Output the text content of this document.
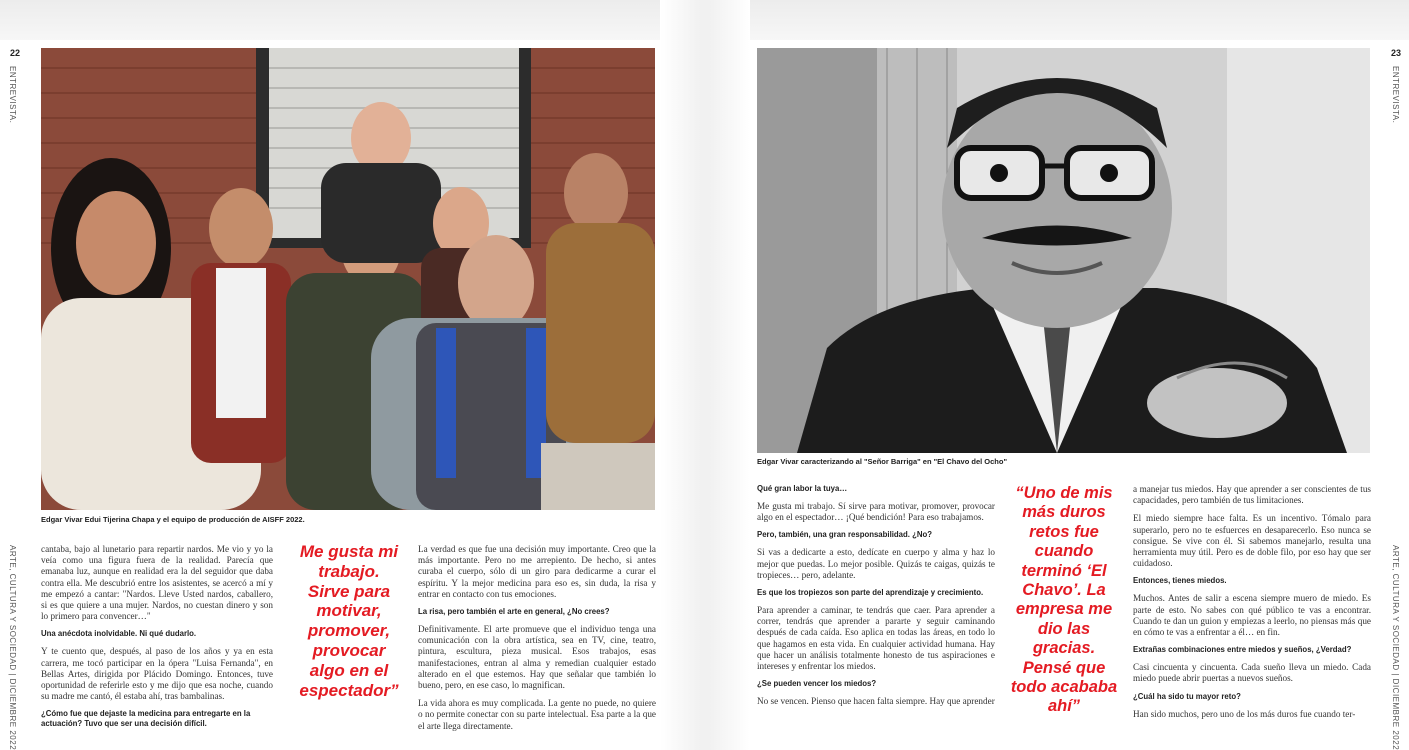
22
ENTREVISTA.
ARTE, CULTURA Y SOCIEDAD | DICIEMBRE 2022
Edgar Vivar Edui Tijerina Chapa y el equipo de producción de AISFF 2022.

cantaba, bajo al lunetario para repartir nardos. Me vio y yo la veía como una figura fuera de la realidad. Parecía que emanaba luz, aunque en realidad era la del seguidor que daba contra ella. Me descubrió entre los asistentes, se acercó a mí y me empezó a cantar: "Nardos. Lleve Usted nardos, caballero, si es que quiere a una mujer. Nardos, no cuestan dinero y son lo primero para convencer…"

Una anécdota inolvidable. Ni qué dudarlo.

Y te cuento que, después, al paso de los años y ya en esta carrera, me tocó participar en la ópera "Luisa Fernanda", en Bellas Artes, dirigida por Plácido Domingo. Entonces, tuve oportunidad de referirle esto y me dijo que esa noche, cuando su madre me cantó, él estaba ahí, tras bambalinas.

¿Cómo fue que dejaste la medicina para entregarte en la actuación? Tuvo que ser una decisión difícil.

Me gusta mi trabajo. Sirve para motivar, promover, provocar algo en el espectador”

La verdad es que fue una decisión muy importante. Creo que la más importante. Pero no me arrepiento. De hecho, si antes curaba el cuerpo, sólo di un giro para dedicarme a curar el espíritu. Y la mejor medicina para eso es, sin duda, la risa y entrar en contacto con tus emociones.

La risa, pero también el arte en general, ¿No crees?

Definitivamente. El arte promueve que el individuo tenga una comunicación con la obra artística, sea en TV, cine, teatro, pintura, escultura, pieza musical. Esos trabajos, esas manifestaciones, entran al alma y remedian cualquier estado alterado en el que estemos. Hay que señalar que también lo bueno, pero, en ese caso, lo magnifican.

La vida ahora es muy complicada. La gente no puede, no quiere o no permite conectar con su parte intelectual. Esa parte a la que el arte llega directamente.

23
ENTREVISTA.
ARTE, CULTURA Y SOCIEDAD | DICIEMBRE 2022
Edgar Vivar caracterizando al "Señor Barriga" en "El Chavo del Ocho"

Qué gran labor la tuya…

Me gusta mi trabajo. Sí sirve para motivar, promover, provocar algo en el espectador… ¡Qué bendición! Para eso trabajamos.

Pero, también, una gran responsabilidad. ¿No?

Si vas a dedicarte a esto, dedícate en cuerpo y alma y haz lo mejor que puedas. Lo mejor posible. Quizás te caigas, quizás te tropieces… pero, adelante.

Es que los tropiezos son parte del aprendizaje y crecimiento.

Para aprender a caminar, te tendrás que caer. Para aprender a correr, tendrás que aprender a pararte y seguir caminando después de cada caída. Eso aplica en todas las áreas, en todo lo que hagamos en esta vida. En cualquier actividad humana. Hay que hacer un análisis totalmente honesto de tus aspiraciones e intereses y enfrentar los miedos.

¿Se pueden vencer los miedos?

No se vencen. Pienso que hacen falta siempre. Hay que aprender

“Uno de mis más duros retos fue cuando terminó ‘El Chavo’. La empresa me dio las gracias. Pensé que todo acababa ahí”

a manejar tus miedos. Hay que aprender a ser conscientes de tus capacidades, pero también de tus limitaciones.

El miedo siempre hace falta. Es un incentivo. Tómalo para superarlo, pero no te esfuerces en desaparecerlo. Eso nunca se consigue. Se vive con él. Si sabemos manejarlo, resulta una herramienta muy útil. Pero es de doble filo, por eso hay que ser cuidadoso.

Entonces, tienes miedos.

Muchos. Antes de salir a escena siempre muero de miedo. Es parte de esto. No sabes con qué público te vas a encontrar. Cuando te dan un guion y empiezas a leerlo, no piensas más que en cómo te vas a enfrentar a él… en fin.

Extrañas combinaciones entre miedos y sueños, ¿Verdad?

Casi cincuenta y cincuenta. Cada sueño lleva un miedo. Cada miedo puede abrir puertas a nuevos sueños.

¿Cuál ha sido tu mayor reto?

Han sido muchos, pero uno de los más duros fue cuando ter-
